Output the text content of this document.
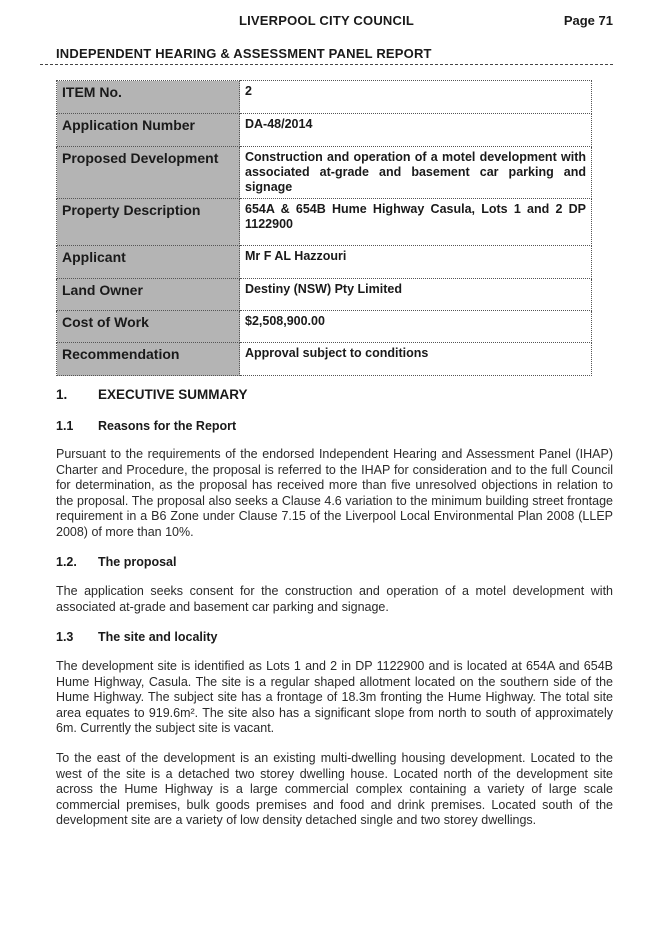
LIVERPOOL CITY COUNCIL	Page 71
INDEPENDENT HEARING & ASSESSMENT PANEL REPORT
ITEM No.	2
Application Number	DA-48/2014
Proposed Development	Construction and operation of a motel development with associated at-grade and basement car parking and signage
Property Description	654A & 654B Hume Highway Casula, Lots 1 and 2 DP 1122900
Applicant	Mr F AL Hazzouri
Land Owner	Destiny (NSW) Pty Limited
Cost of Work	$2,508,900.00
Recommendation	Approval subject to conditions
1. EXECUTIVE SUMMARY
1.1 Reasons for the Report
Pursuant to the requirements of the endorsed Independent Hearing and Assessment Panel (IHAP) Charter and Procedure, the proposal is referred to the IHAP for consideration and to the full Council for determination, as the proposal has received more than five unresolved objections in relation to the proposal. The proposal also seeks a Clause 4.6 variation to the minimum building street frontage requirement in a B6 Zone under Clause 7.15 of the Liverpool Local Environmental Plan 2008 (LLEP 2008) of more than 10%.
1.2. The proposal
The application seeks consent for the construction and operation of a motel development with associated at-grade and basement car parking and signage.
1.3 The site and locality
The development site is identified as Lots 1 and 2 in DP 1122900 and is located at 654A and 654B Hume Highway, Casula. The site is a regular shaped allotment located on the southern side of the Hume Highway. The subject site has a frontage of 18.3m fronting the Hume Highway. The total site area equates to 919.6m². The site also has a significant slope from north to south of approximately 6m. Currently the subject site is vacant.
To the east of the development is an existing multi-dwelling housing development. Located to the west of the site is a detached two storey dwelling house. Located north of the development site across the Hume Highway is a large commercial complex containing a variety of large scale commercial premises, bulk goods premises and food and drink premises. Located south of the development site are a variety of low density detached single and two storey dwellings.
